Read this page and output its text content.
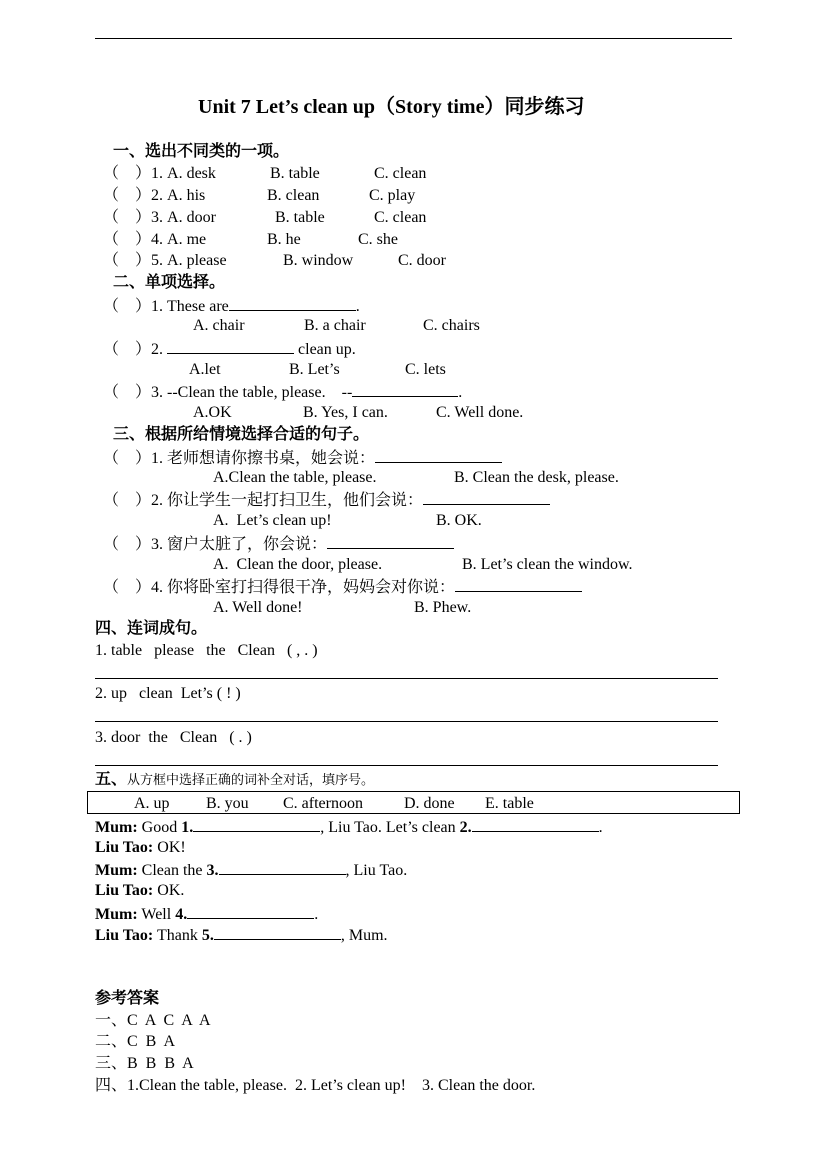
Unit 7 Let’s clean up（Story time）同步练习
一、选出不同类的一项。
（　）1. A. desk	B. table	C. clean
（　）2. A. his	B. clean	C. play
（　）3. A. door	B. table	C. clean
（　）4. A. me	B. he	C. she
（　）5. A. please	B. window	C. door
二、单项选择。
（　）1. These are	.
A. chair	B. a chair	C. chairs
（　）2.	clean up.
A.let	B. Let’s	C. lets
（　）3. --Clean the table, please.    --	.
A.OK	B. Yes, I can.	C. Well done.
三、根据所给情境选择合适的句子。
（　）1. 老师想请你擦书桌，她会说：
A.Clean the table, please.	B. Clean the desk, please.
（　）2. 你让学生一起打扫卫生，他们会说：
A.  Let’s clean up!	B. OK.
（　）3. 窗户太脏了，你会说：
A.  Clean the door, please.	B. Let’s clean the window.
（　）4. 你将卧室打扫得很干净，妈妈会对你说：
A. Well done!	B. Phew.
四、连词成句。
1. table   please   the   Clean   ( , . )
2. up   clean  Let’s ( ! )
3. door  the   Clean   ( . )
五、从方框中选择正确的词补全对话，填序号。
A. up B. you C. afternoon	D. done E. table
Mum: Good 1.	, Liu Tao. Let’s clean 2.	.
Liu Tao: OK!
Mum: Clean the 3.	, Liu Tao.
Liu Tao: OK.
Mum: Well 4.	.
Liu Tao: Thank 5.	, Mum.
参考答案
一、C  A  C  A  A
二、C  B  A
三、B  B  B  A
四、1.Clean the table, please.  2. Let’s clean up!    3. Clean the door.
